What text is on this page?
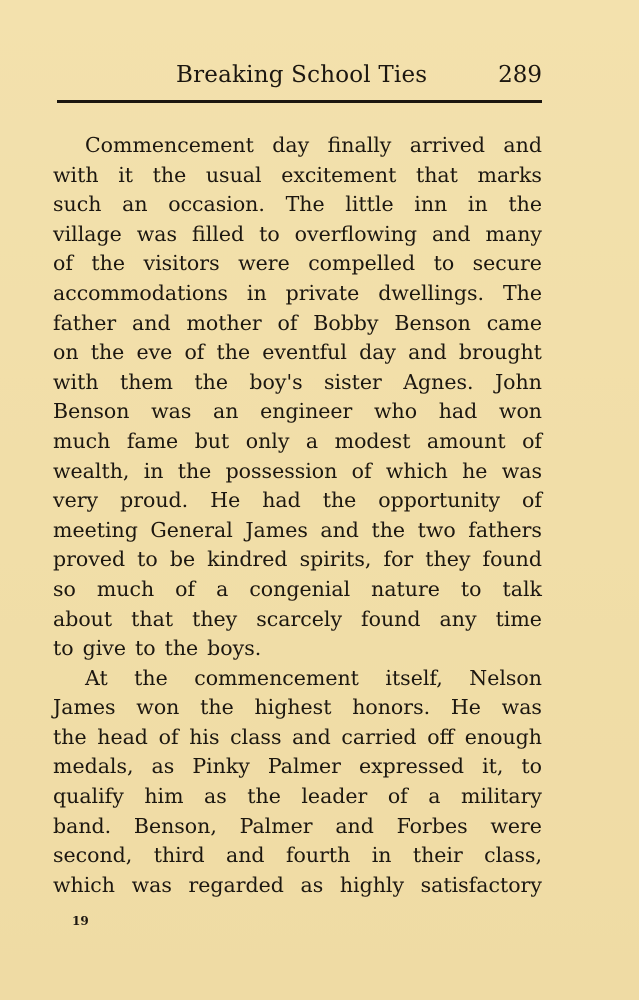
Breaking School Ties	289
Commencement day finally arrived and
with it the usual excitement that marks
such an occasion. The little inn in the
village was filled to overflowing and many
of the visitors were compelled to secure
accommodations in private dwellings. The
father and mother of Bobby Benson came
on the eve of the eventful day and brought
with them the boy's sister Agnes. John
Benson was an engineer who had won
much fame but only a modest amount of
wealth, in the possession of which he was
very proud. He had the opportunity of
meeting General James and the two fathers
proved to be kindred spirits, for they found
so much of a congenial nature to talk
about that they scarcely found any time
to give to the boys.
At the commencement itself, Nelson
James won the highest honors. He was
the head of his class and carried off enough
medals, as Pinky Palmer expressed it, to
qualify him as the leader of a military
band. Benson, Palmer and Forbes were
second, third and fourth in their class,
which was regarded as highly satisfactory
19
